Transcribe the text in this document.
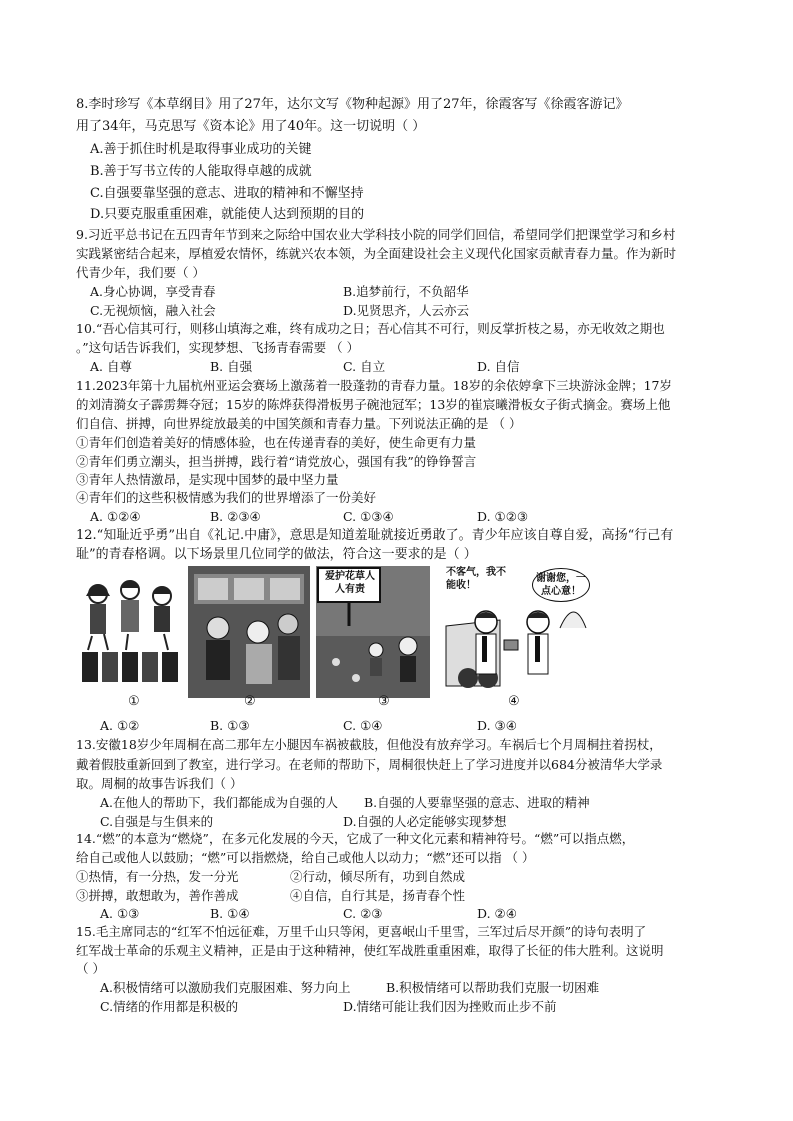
8.李时珍写《本草纲目》用了27年，达尔文写《物种起源》用了27年，徐霞客写《徐霞客游记》
用了34年，马克思写《资本论》用了40年。这一切说明（ ）
A.善于抓住时机是取得事业成功的关键
B.善于写书立传的人能取得卓越的成就
C.自强要靠坚强的意志、进取的精神和不懈坚持
D.只要克服重重困难，就能使人达到预期的目的
9.习近平总书记在五四青年节到来之际给中国农业大学科技小院的同学们回信，希望同学们把课堂学习和乡村
实践紧密结合起来，厚植爱农情怀，练就兴农本领，为全面建设社会主义现代化国家贡献青春力量。作为新时
代青少年，我们要（ ）
A.身心协调，享受青春	B.追梦前行，不负韶华
C.无视烦恼，融入社会	D.见贤思齐，人云亦云
10.“吾心信其可行，则移山填海之难，终有成功之日；吾心信其不可行，则反掌折枝之易，亦无收效之期也
。”这句话告诉我们，实现梦想、飞扬青春需要 （ ）
A. 自尊	B. 自强	C. 自立	D. 自信
11.2023年第十九届杭州亚运会赛场上激荡着一股蓬勃的青春力量。18岁的余依婷拿下三块游泳金牌；17岁
的刘清漪女子霹雳舞夺冠；15岁的陈烨获得滑板男子碗池冠军；13岁的崔宸曦滑板女子街式摘金。赛场上他
们自信、拼搏，向世界绽放最美的中国笑颜和青春力量。下列说法正确的是 （ ）
①青年们创造着美好的情感体验，也在传递青春的美好，使生命更有力量
②青年们勇立潮头，担当拼搏，践行着“请党放心，强国有我”的铮铮誓言
③青年人热情激昂，是实现中国梦的最中坚力量
④青年们的这些积极情感为我们的世界增添了一份美好
A. ①②④	B. ②③④	C. ①③④	D. ①②③
12.“知耻近乎勇”出自《礼记.中庸》，意思是知道羞耻就接近勇敢了。青少年应该自尊自爱，高扬“行己有
耻”的青春格调。以下场景里几位同学的做法，符合这一要求的是（ ）
爱护花草人人有责
不客气，我不能收！
谢谢您，一点心意！
①	②	③	④
A. ①②	B. ①③	C. ①④	D. ③④
13.安徽18岁少年周桐在高二那年左小腿因车祸被截肢，但他没有放弃学习。车祸后七个月周桐拄着拐杖，
戴着假肢重新回到了教室，进行学习。在老师的帮助下，周桐很快赶上了学习进度并以684分被清华大学录
取。周桐的故事告诉我们（ ）
A.在他人的帮助下，我们都能成为自强的人 B.自强的人要靠坚强的意志、进取的精神
C.自强是与生俱来的	D.自强的人必定能够实现梦想
14.“燃”的本意为“燃烧”，在多元化发展的今天，它成了一种文化元素和精神符号。“燃”可以指点燃，
给自己或他人以鼓励；“燃”可以指燃烧，给自己或他人以动力；“燃”还可以指 （ ）
①热情，有一分热，发一分光	②行动，倾尽所有，功到自然成
③拼搏，敢想敢为，善作善成	④自信，自行其是，扬青春个性
A. ①③	B. ①④	C. ②③	D. ②④
15.毛主席同志的“红军不怕远征难，万里千山只等闲，更喜岷山千里雪，三军过后尽开颜”的诗句表明了
红军战士革命的乐观主义精神，正是由于这种精神，使红军战胜重重困难，取得了长征的伟大胜利。这说明
（ ）
A.积极情绪可以激励我们克服困难、努力向上	B.积极情绪可以帮助我们克服一切困难
C.情绪的作用都是积极的	D.情绪可能让我们因为挫败而止步不前
